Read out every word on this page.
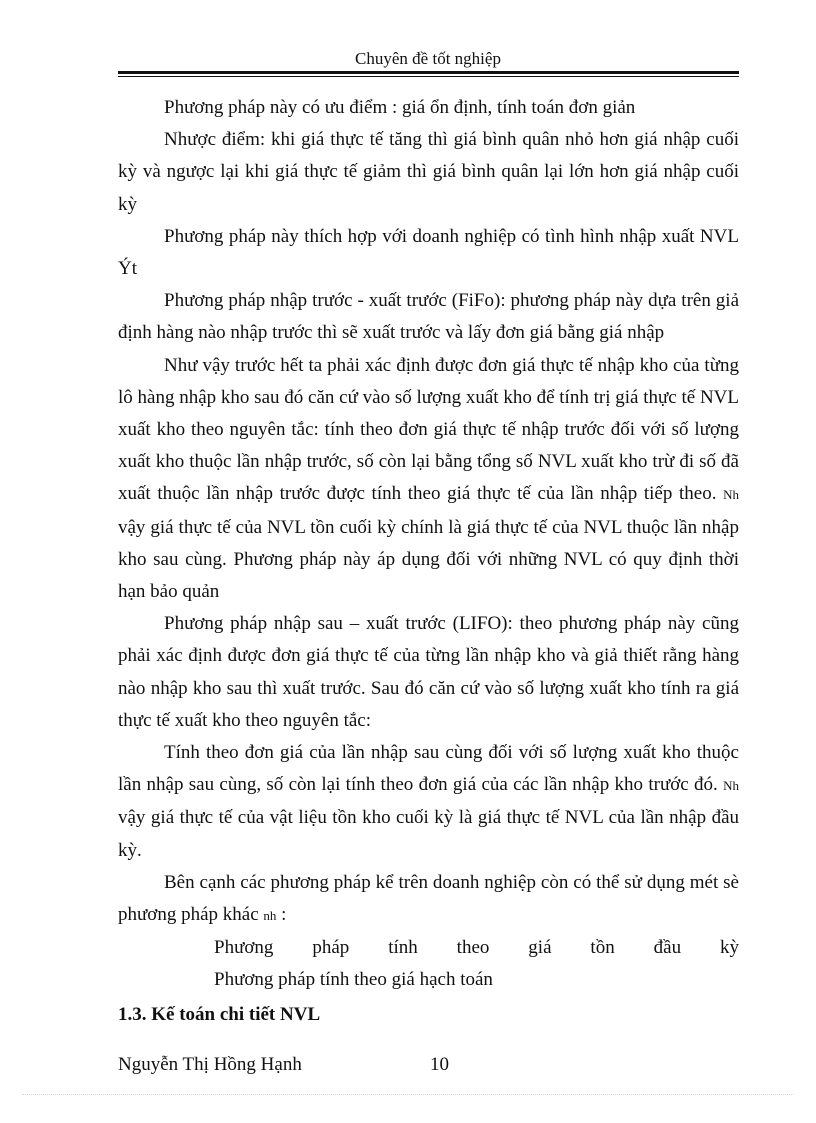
Chuyên đề tốt nghiệp

Phương pháp này có ưu điểm : giá ổn định, tính toán đơn giản

Nhược điểm: khi giá thực tế tăng thì giá bình quân nhỏ hơn giá nhập cuối kỳ và ngược lại khi giá thực tế giảm thì giá bình quân lại lớn hơn giá nhập cuối kỳ

Phương pháp này thích hợp với doanh nghiệp có tình hình nhập xuất NVL Ýt

Phương pháp nhập trước - xuất trước (FiFo): phương pháp này dựa trên giả định hàng nào nhập trước thì sẽ xuất trước và lấy đơn giá bằng giá nhập

Như vậy trước hết ta phải xác định được đơn giá thực tế nhập kho của từng lô hàng nhập kho sau đó căn cứ vào số lượng xuất kho để tính trị giá thực tế NVL xuất kho theo nguyên tắc: tính theo đơn giá thực tế nhập trước đối với số lượng xuất kho thuộc lần nhập trước, số còn lại bằng tổng số NVL xuất kho trừ đi số đã xuất thuộc lần nhập trước được tính theo giá thực tế của lần nhập tiếp theo. Nh vậy giá thực tế của NVL tồn cuối kỳ chính là giá thực tế của NVL thuộc lần nhập kho sau cùng. Phương pháp này áp dụng đối với những NVL có quy định thời hạn bảo quản

Phương pháp nhập sau – xuất trước (LIFO): theo phương pháp này cũng phải xác định được đơn giá thực tế của từng lần nhập kho và giả thiết rằng hàng nào nhập kho sau thì xuất trước. Sau đó căn cứ vào số lượng xuất kho tính ra giá thực tế xuất kho theo nguyên tắc:

Tính theo đơn giá của lần nhập sau cùng đối với số lượng xuất kho thuộc lần nhập sau cùng, số còn lại tính theo đơn giá của các lần nhập kho trước đó. Nh vậy giá thực tế của vật liệu tồn kho cuối kỳ là giá thực tế NVL của lần nhập đầu kỳ.

Bên cạnh các phương pháp kể trên doanh nghiệp còn có thể sử dụng mét sè phương pháp khác nh :

Phương pháp tính theo giá tồn đầu kỳ

Phương pháp tính theo giá hạch toán

1.3. Kế toán chi tiết NVL

Nguyễn Thị Hồng Hạnh	10
